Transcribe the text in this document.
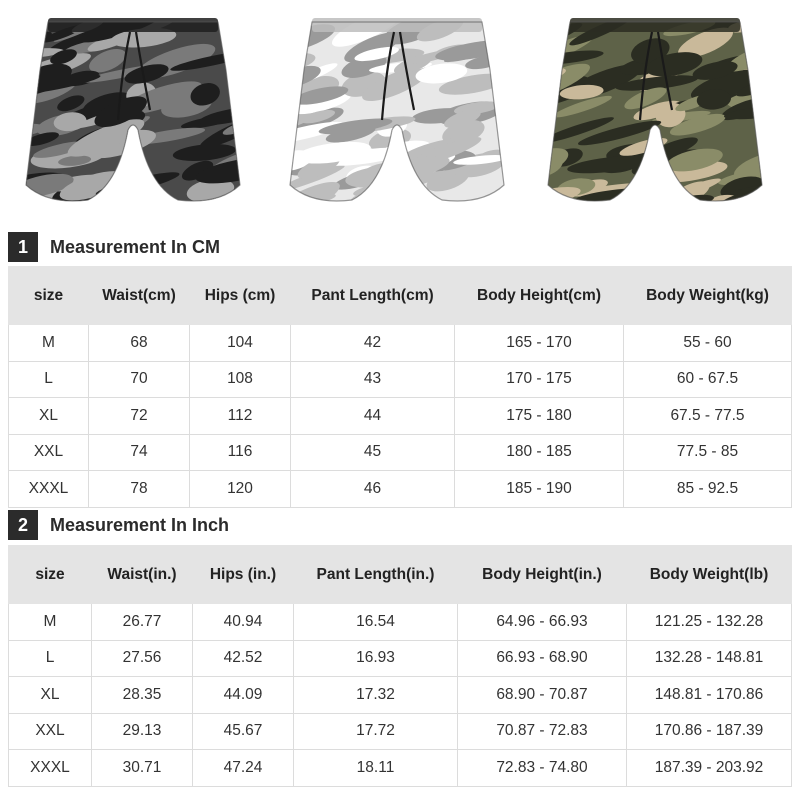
1	Measurement In CM
size	Waist(cm)	Hips (cm)	Pant Length(cm)	Body Height(cm)	Body Weight(kg)
M	68	104	42	165 - 170	55 - 60
L	70	108	43	170 - 175	60 - 67.5
XL	72	112	44	175 - 180	67.5 - 77.5
XXL	74	116	45	180 - 185	77.5 - 85
XXXL	78	120	46	185 - 190	85 - 92.5
2	Measurement In Inch
size	Waist(in.)	Hips (in.)	Pant Length(in.)	Body Height(in.)	Body Weight(lb)
M	26.77	40.94	16.54	64.96 - 66.93	121.25 - 132.28
L	27.56	42.52	16.93	66.93 - 68.90	132.28 - 148.81
XL	28.35	44.09	17.32	68.90 - 70.87	148.81 - 170.86
XXL	29.13	45.67	17.72	70.87 - 72.83	170.86 - 187.39
XXXL	30.71	47.24	18.11	72.83 - 74.80	187.39 - 203.92
